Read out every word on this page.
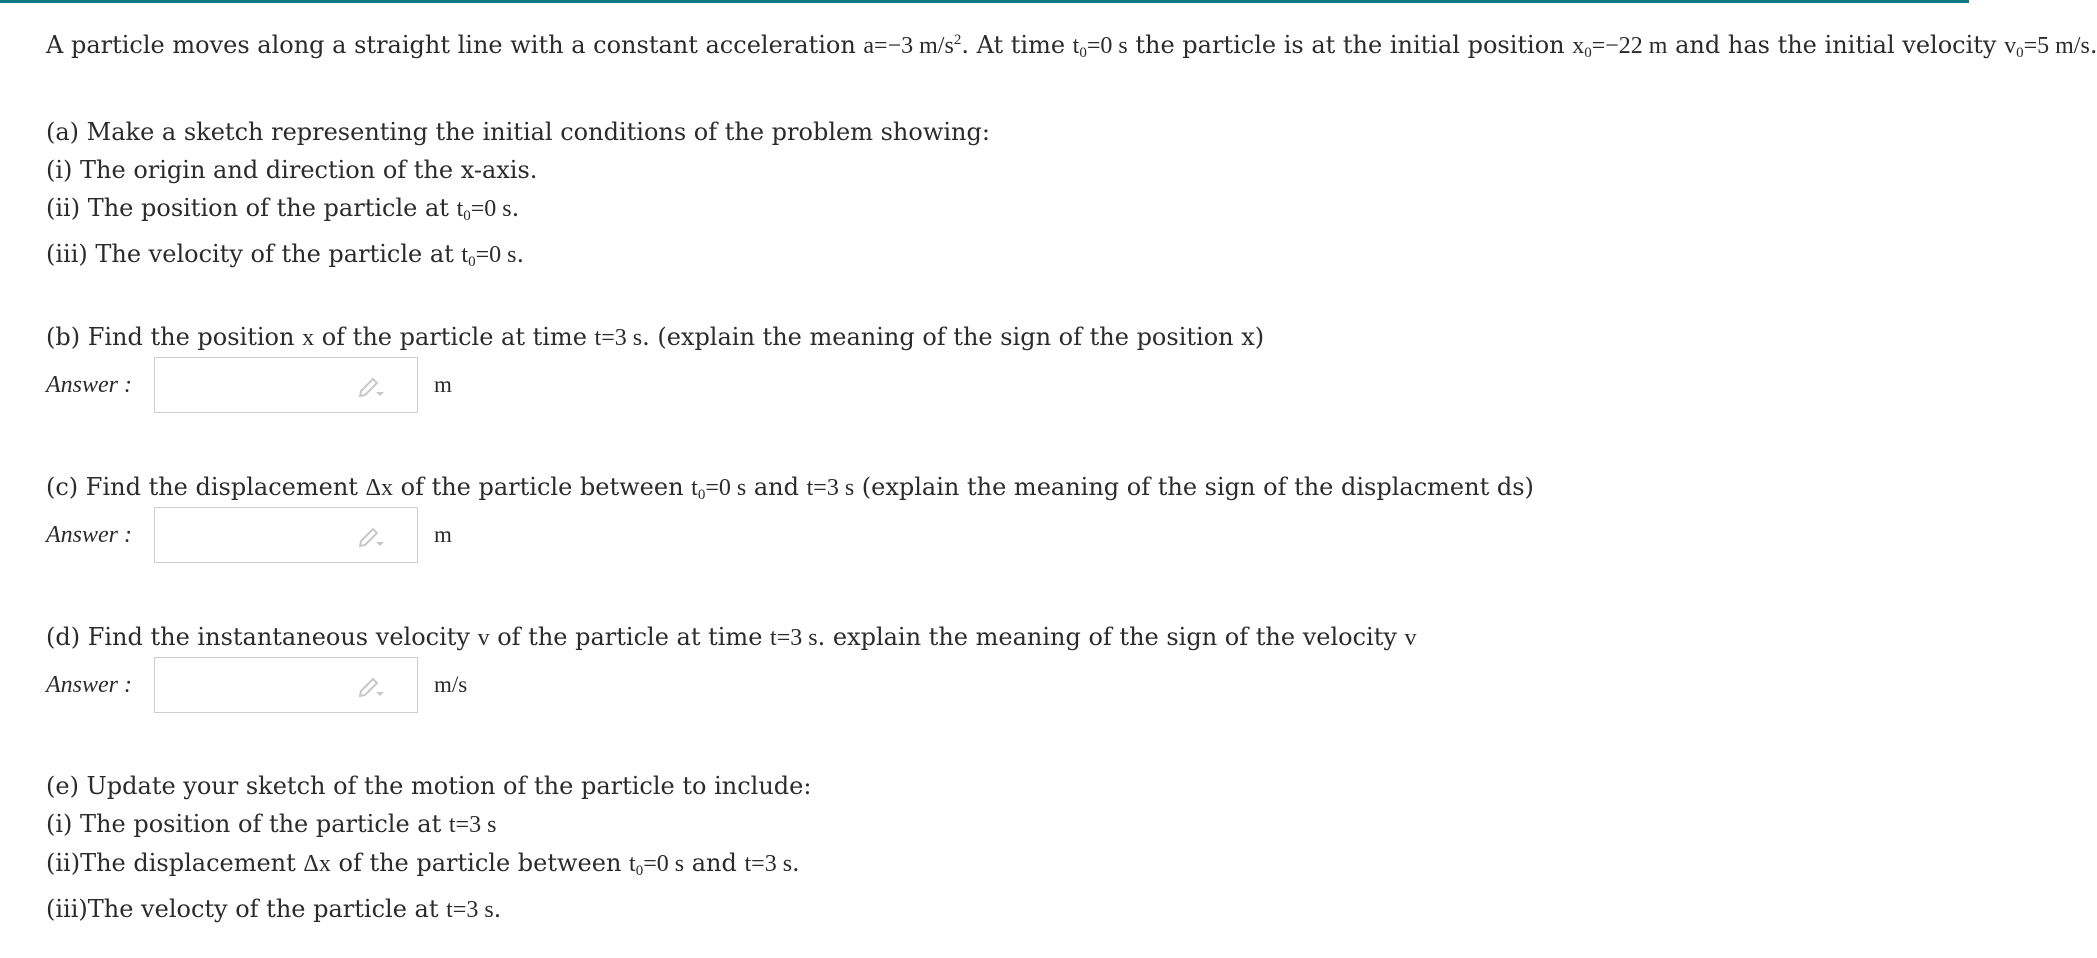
A particle moves along a straight line with a constant acceleration a=−3 $m/s^2$. At time $t_0=0$ s the particle is at the initial position $x_0=-22$ m and has the initial velocity $v_0=5$ m/s.

(a) Make a sketch representing the initial conditions of the problem showing:
(i) The origin and direction of the x-axis.
(ii) The position of the particle at $t_0=0$ s.
(iii) The velocity of the particle at $t_0=0$ s.

(b) Find the position x of the particle at time t=3 s. (explain the meaning of the sign of the position x)

Answer :	m

(c) Find the displacement Δx of the particle between $t_0=0$ s and t=3 s (explain the meaning of the sign of the displacment ds)

Answer :	m

(d) Find the instantaneous velocity v of the particle at time t=3 s. explain the meaning of the sign of the velocity v

Answer :	m/s
(e) Update your sketch of the motion of the particle to include:
(i) The position of the particle at t=3 s
(ii)The displacement Δx of the particle between $t_0=0$ s and t=3 s.
(iii)The velocty of the particle at t=3 s.
